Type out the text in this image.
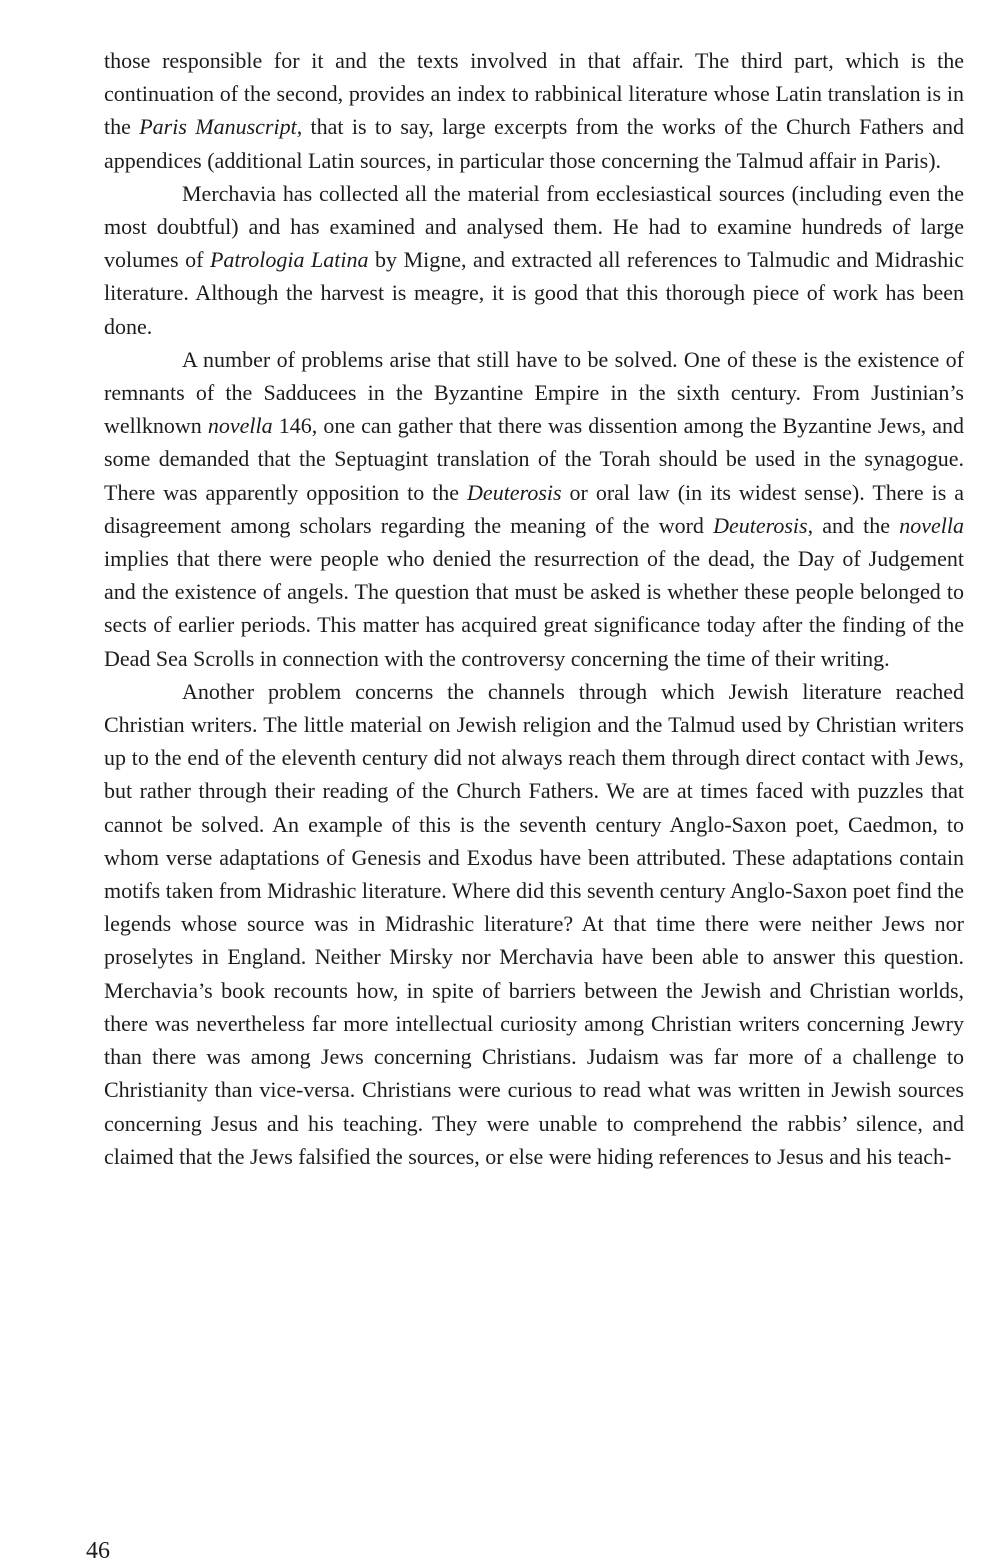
those responsible for it and the texts involved in that affair. The third part, which is the continuation of the second, provides an index to rabbinical literature whose Latin translation is in the Paris Manuscript, that is to say, large excerpts from the works of the Church Fathers and appendices (additional Latin sources, in particular those concerning the Talmud affair in Paris).

Merchavia has collected all the material from ecclesiastical sources (including even the most doubtful) and has examined and analysed them. He had to examine hundreds of large volumes of Patrologia Latina by Migne, and extracted all references to Talmudic and Midrashic literature. Although the harvest is meagre, it is good that this thorough piece of work has been done.

A number of problems arise that still have to be solved. One of these is the existence of remnants of the Sadducees in the Byzantine Empire in the sixth century. From Justinian’s wellknown novella 146, one can gather that there was dissention among the Byzantine Jews, and some demanded that the Septuagint translation of the Torah should be used in the synagogue. There was apparently opposition to the Deuterosis or oral law (in its widest sense). There is a disagreement among scholars regarding the meaning of the word Deuterosis, and the novella implies that there were people who denied the resurrection of the dead, the Day of Judgement and the existence of angels. The question that must be asked is whether these people belonged to sects of earlier periods. This matter has acquired great significance today after the finding of the Dead Sea Scrolls in connection with the controversy concerning the time of their writing.

Another problem concerns the channels through which Jewish literature reached Christian writers. The little material on Jewish religion and the Talmud used by Christian writers up to the end of the eleventh century did not always reach them through direct contact with Jews, but rather through their reading of the Church Fathers. We are at times faced with puzzles that cannot be solved. An example of this is the seventh century Anglo-Saxon poet, Caedmon, to whom verse adaptations of Genesis and Exodus have been attributed. These adaptations contain motifs taken from Midrashic literature. Where did this seventh century Anglo-Saxon poet find the legends whose source was in Midrashic literature? At that time there were neither Jews nor proselytes in England. Neither Mirsky nor Merchavia have been able to answer this question. Merchavia’s book recounts how, in spite of barriers between the Jewish and Christian worlds, there was nevertheless far more intellectual curiosity among Christian writers concerning Jewry than there was among Jews concerning Christians. Judaism was far more of a challenge to Christianity than vice-versa. Christians were curious to read what was written in Jewish sources concerning Jesus and his teaching. They were unable to comprehend the rabbis’ silence, and claimed that the Jews falsified the sources, or else were hiding references to Jesus and his teach-

46
